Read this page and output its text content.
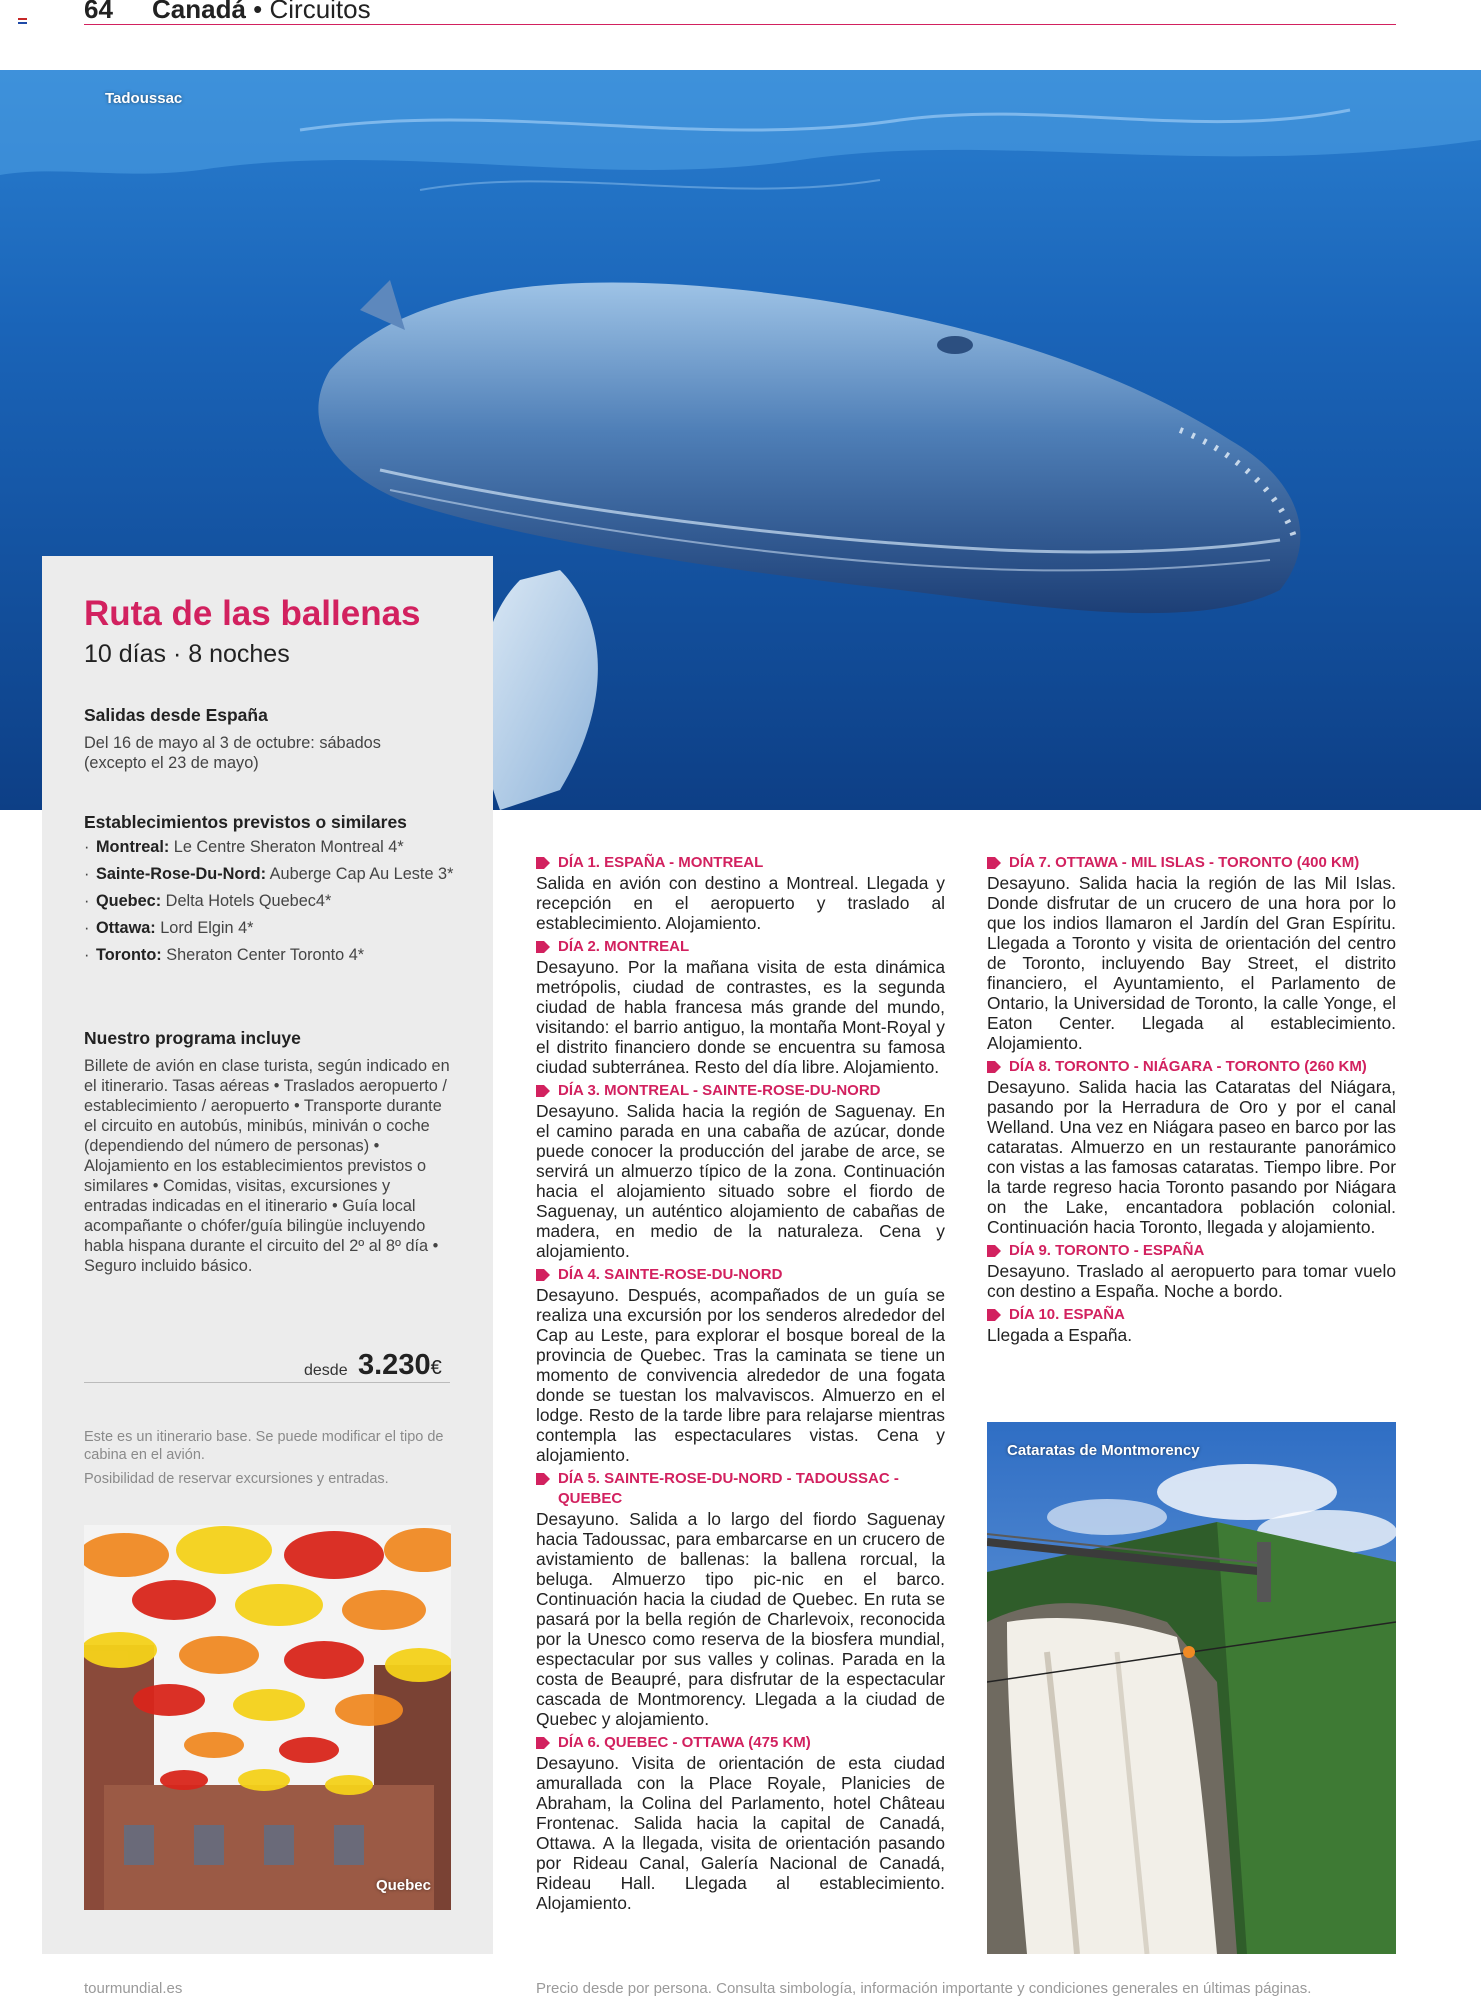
64 Canadá • Circuitos
Tadoussac
Ruta de las ballenas
10 días · 8 noches
Salidas desde España
Del 16 de mayo al 3 de octubre: sábados (excepto el 23 de mayo)
Establecimientos previstos o similares
· Montreal: Le Centre Sheraton Montreal 4*
· Sainte-Rose-Du-Nord: Auberge Cap Au Leste 3*
· Quebec: Delta Hotels Quebec4*
· Ottawa: Lord Elgin 4*
· Toronto: Sheraton Center Toronto 4*
Nuestro programa incluye
Billete de avión en clase turista, según indicado en el itinerario. Tasas aéreas • Traslados aeropuerto / establecimiento / aeropuerto • Transporte durante el circuito en autobús, minibús, miniván o coche (dependiendo del número de personas) • Alojamiento en los establecimientos previstos o similares • Comidas, visitas, excursiones y entradas indicadas en el itinerario • Guía local acompañante o chófer/guía bilingüe incluyendo habla hispana durante el circuito del 2º al 8º día • Seguro incluido básico.
desde 3.230€
Este es un itinerario base. Se puede modificar el tipo de cabina en el avión.
Posibilidad de reservar excursiones y entradas.
Quebec
Cataratas de Montmorency
DÍA 1. ESPAÑA - MONTREAL
Salida en avión con destino a Montreal. Llegada y recepción en el aeropuerto y traslado al establecimiento. Alojamiento.
DÍA 2. MONTREAL
Desayuno. Por la mañana visita de esta dinámica metrópolis, ciudad de contrastes, es la segunda ciudad de habla francesa más grande del mundo, visitando: el barrio antiguo, la montaña Mont-Royal y el distrito financiero donde se encuentra su famosa ciudad subterránea. Resto del día libre. Alojamiento.
DÍA 3. MONTREAL - SAINTE-ROSE-DU-NORD
Desayuno. Salida hacia la región de Saguenay. En el camino parada en una cabaña de azúcar, donde puede conocer la producción del jarabe de arce, se servirá un almuerzo típico de la zona. Continuación hacia el alojamiento situado sobre el fiordo de Saguenay, un auténtico alojamiento de cabañas de madera, en medio de la naturaleza. Cena y alojamiento.
DÍA 4. SAINTE-ROSE-DU-NORD
Desayuno. Después, acompañados de un guía se realiza una excursión por los senderos alrededor del Cap au Leste, para explorar el bosque boreal de la provincia de Quebec. Tras la caminata se tiene un momento de convivencia alrededor de una fogata donde se tuestan los malvaviscos. Almuerzo en el lodge. Resto de la tarde libre para relajarse mientras contempla las espectaculares vistas. Cena y alojamiento.
DÍA 5. SAINTE-ROSE-DU-NORD - TADOUSSAC - QUEBEC
Desayuno. Salida a lo largo del fiordo Saguenay hacia Tadoussac, para embarcarse en un crucero de avistamiento de ballenas: la ballena rorcual, la beluga. Almuerzo tipo pic-nic en el barco. Continuación hacia la ciudad de Quebec. En ruta se pasará por la bella región de Charlevoix, reconocida por la Unesco como reserva de la biosfera mundial, espectacular por sus valles y colinas. Parada en la costa de Beaupré, para disfrutar de la espectacular cascada de Montmorency. Llegada a la ciudad de Quebec y alojamiento.
DÍA 6. QUEBEC - OTTAWA (475 KM)
Desayuno. Visita de orientación de esta ciudad amurallada con la Place Royale, Planicies de Abraham, la Colina del Parlamento, hotel Château Frontenac. Salida hacia la capital de Canadá, Ottawa. A la llegada, visita de orientación pasando por Rideau Canal, Galería Nacional de Canadá, Rideau Hall. Llegada al establecimiento. Alojamiento.
DÍA 7. OTTAWA - MIL ISLAS - TORONTO (400 KM)
Desayuno. Salida hacia la región de las Mil Islas. Donde disfrutar de un crucero de una hora por lo que los indios llamaron el Jardín del Gran Espíritu. Llegada a Toronto y visita de orientación del centro de Toronto, incluyendo Bay Street, el distrito financiero, el Ayuntamiento, el Parlamento de Ontario, la Universidad de Toronto, la calle Yonge, el Eaton Center. Llegada al establecimiento. Alojamiento.
DÍA 8. TORONTO - NIÁGARA - TORONTO (260 KM)
Desayuno. Salida hacia las Cataratas del Niágara, pasando por la Herradura de Oro y por el canal Welland. Una vez en Niágara paseo en barco por las cataratas. Almuerzo en un restaurante panorámico con vistas a las famosas cataratas. Tiempo libre. Por la tarde regreso hacia Toronto pasando por Niágara on the Lake, encantadora población colonial. Continuación hacia Toronto, llegada y alojamiento.
DÍA 9. TORONTO - ESPAÑA
Desayuno. Traslado al aeropuerto para tomar vuelo con destino a España. Noche a bordo.
DÍA 10. ESPAÑA
Llegada a España.
tourmundial.es	Precio desde por persona. Consulta simbología, información importante y condiciones generales en últimas páginas.
